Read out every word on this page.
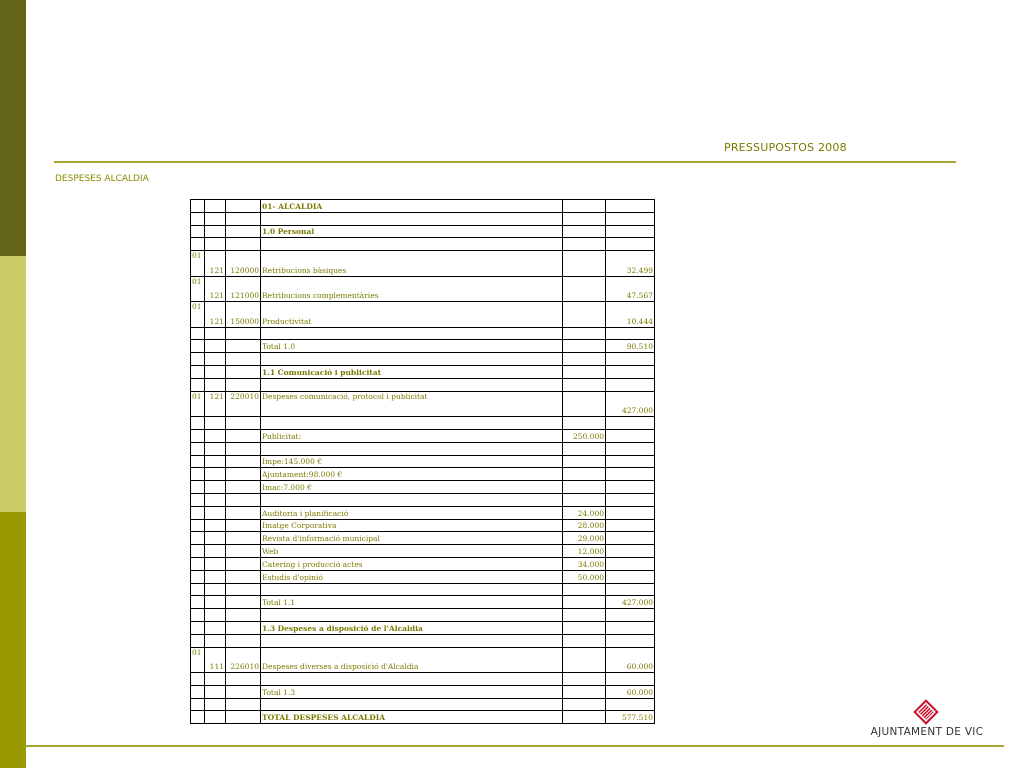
PRESSUPOSTOS 2008
DESPESES ALCALDIA
			01- ALCALDIA		

			1.0 Personal		

01	121	120000	Retribucions bàsiques		32.499
01	121	121000	Retribucions complementàries		47.567
01	121	150000	Productivitat		10.444

			Total 1.0		90.510

			1.1 Comunicació i publicitat		

01	121	220010	Despeses comunicació, protocol i publicitat		427.000

			Publicitat:	250.000	

			Impe:145.000 €		
			Ajuntament:98.000 €		
			Imac:7.000 €		

			Auditoria i planificació	24.000	
			Imatge Corporativa	28.000	
			Revista d'informació municipal	29.000	
			Web	12.000	
			Catering i producció actes	34.000	
			Estudis d'opinió	50.000	

			Total 1.1		427.000

			1.3 Despeses a disposició de l'Alcaldia		

01	111	226010	Despeses diverses a disposició d'Alcaldia		60.000

			Total 1.3		60.000

			TOTAL DESPESES ALCALDIA		577.510
AJUNTAMENT DE VIC
